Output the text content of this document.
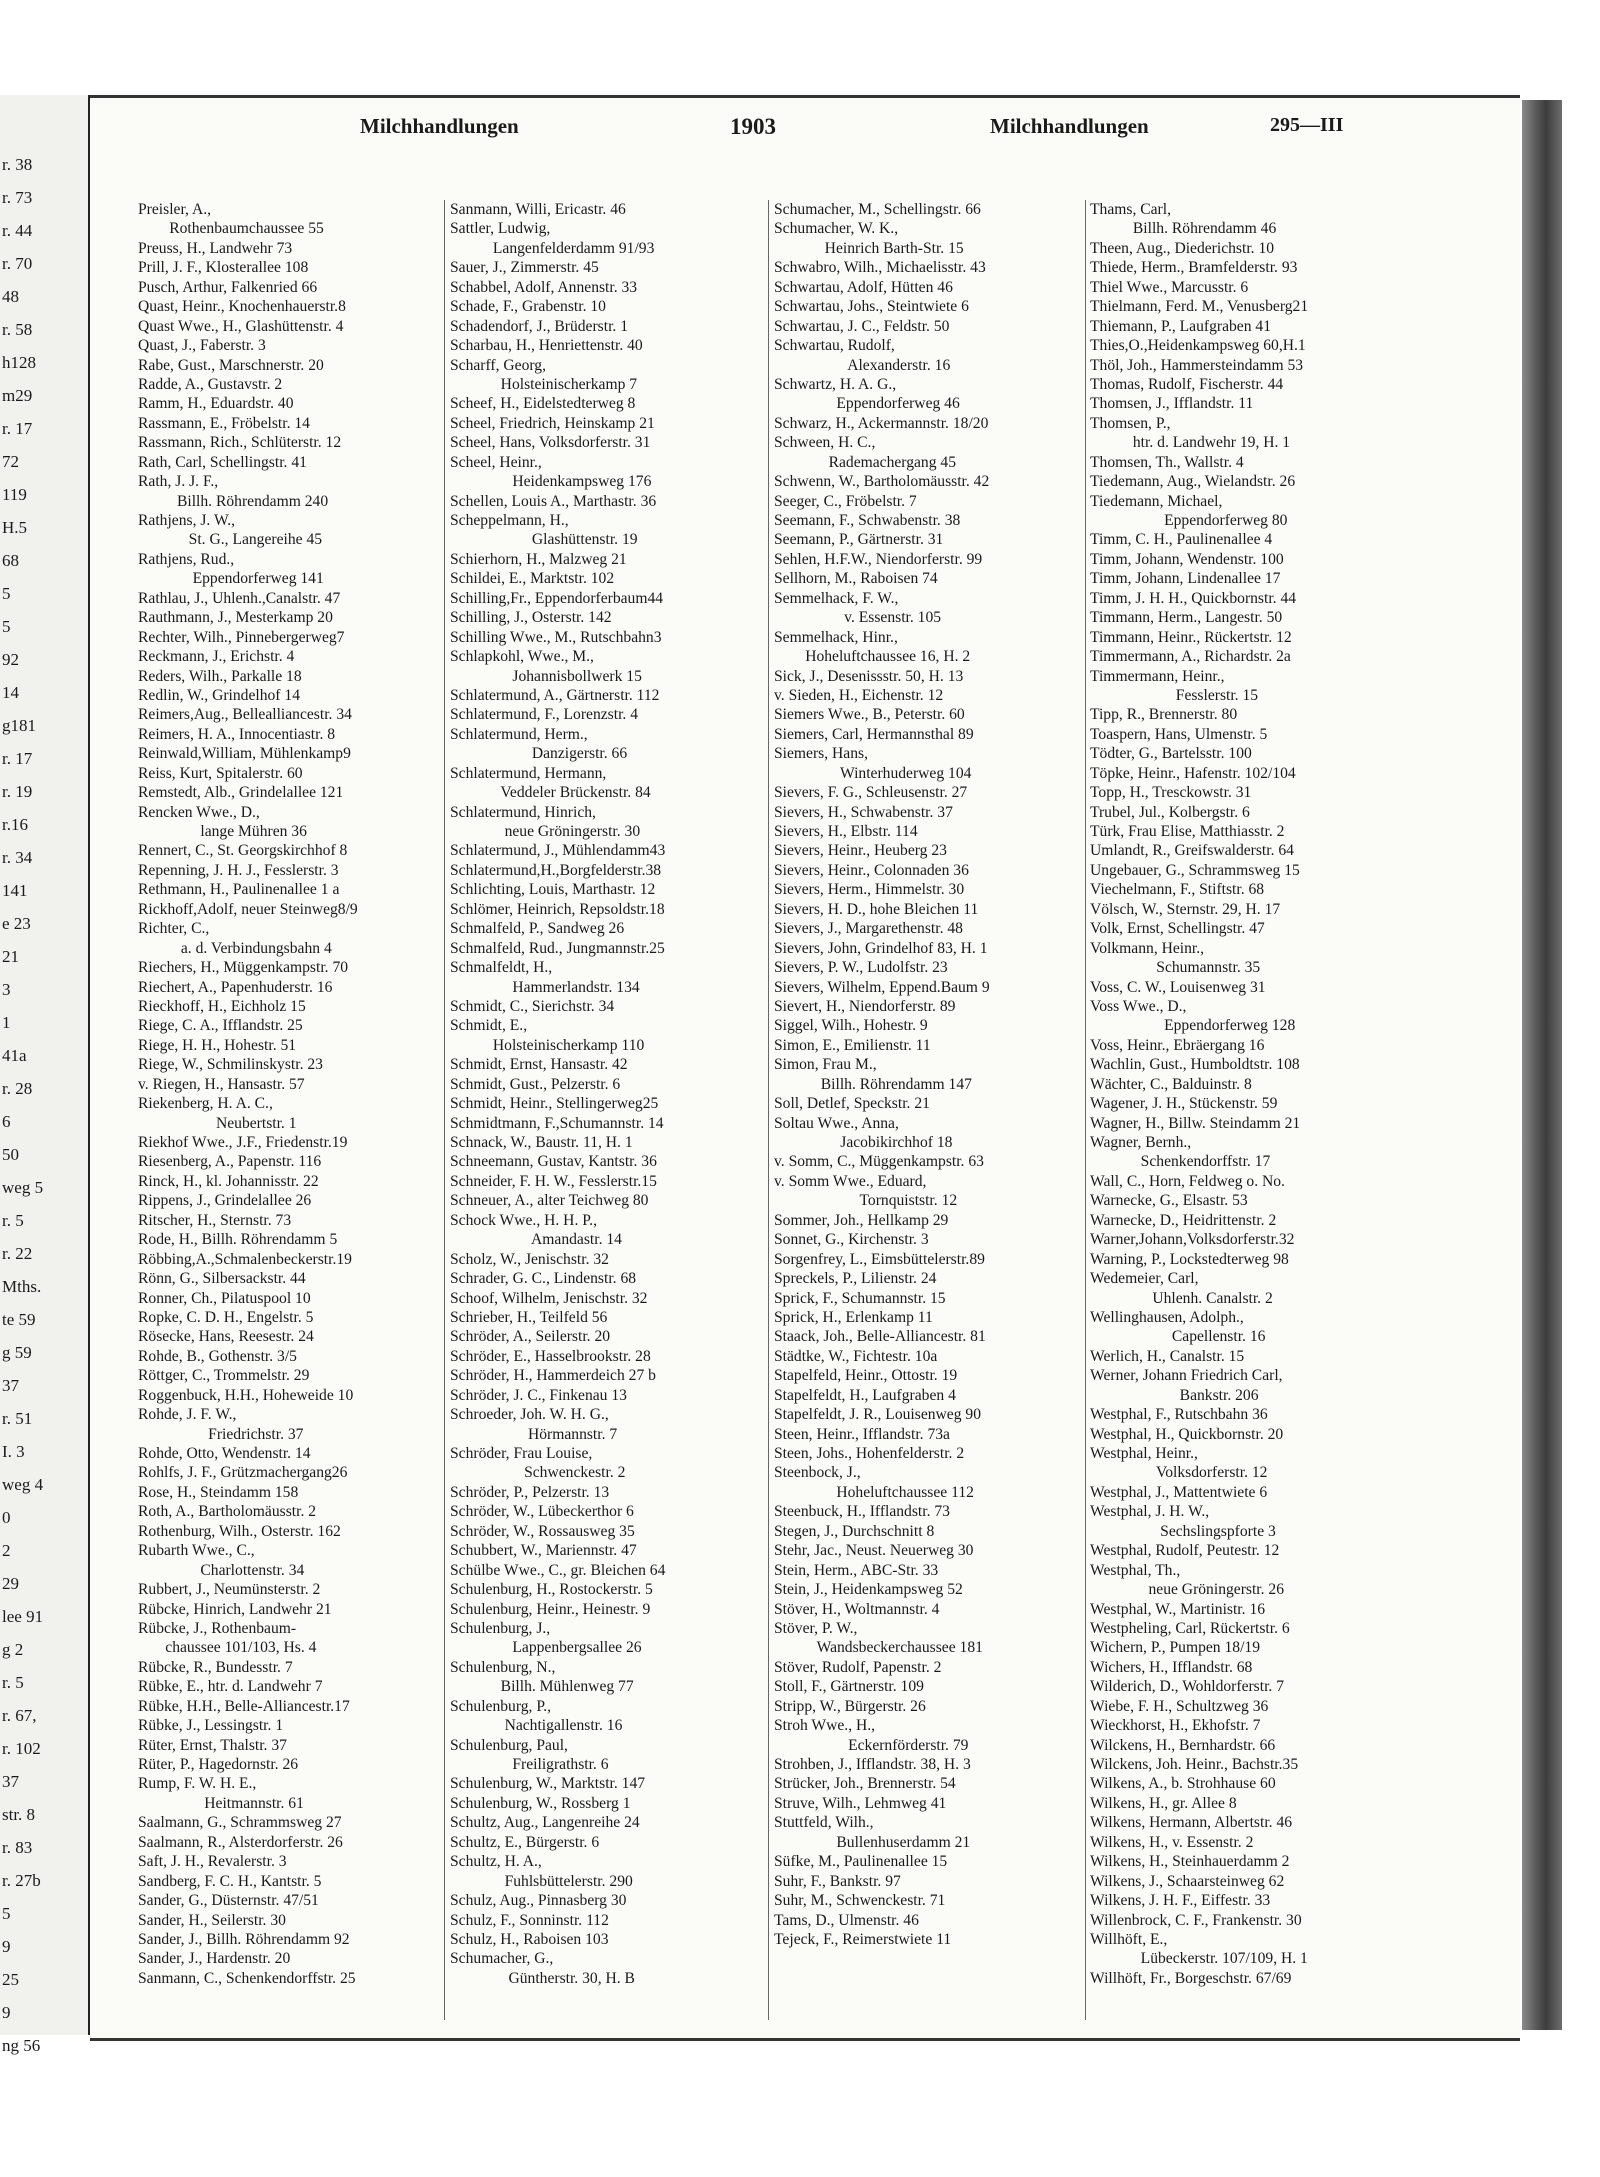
r. 38
r. 73
r. 44
r. 70
48
r. 58
h128
m29
r. 17
72
119
H.5
68
5
5
92
14
g181
r. 17
r. 19
r.16
r. 34
141
e 23
21
3
1
41a
r. 28
6
50
weg 5
r. 5
r. 22
Mths.
te 59
g 59
37
r. 51
I. 3
weg 4
0
2
29
lee 91
g 2
r. 5
r. 67,
r. 102
37
str. 8
r. 83
r. 27b
5
9
25
9
ng 56
Milchhandlungen	1903	Milchhandlungen	295—III
Preisler, A.,
Rothenbaumchaussee 55
Preuss, H., Landwehr 73
Prill, J. F., Klosterallee 108
Pusch, Arthur, Falkenried 66
Quast, Heinr., Knochenhauerstr.8
Quast Wwe., H., Glashüttenstr. 4
Quast, J., Faberstr. 3
Rabe, Gust., Marschnerstr. 20
Radde, A., Gustavstr. 2
Ramm, H., Eduardstr. 40
Rassmann, E., Fröbelstr. 14
Rassmann, Rich., Schlüterstr. 12
Rath, Carl, Schellingstr. 41
Rath, J. J. F.,
Billh. Röhrendamm 240
Rathjens, J. W.,
St. G., Langereihe 45
Rathjens, Rud.,
Eppendorferweg 141
Rathlau, J., Uhlenh.,Canalstr. 47
Rauthmann, J., Mesterkamp 20
Rechter, Wilh., Pinnebergerweg7
Reckmann, J., Erichstr. 4
Reders, Wilh., Parkalle 18
Redlin, W., Grindelhof 14
Reimers,Aug., Bellealliancestr. 34
Reimers, H. A., Innocentiastr. 8
Reinwald,William, Mühlenkamp9
Reiss, Kurt, Spitalerstr. 60
Remstedt, Alb., Grindelallee 121
Rencken Wwe., D.,
lange Mühren 36
Rennert, C., St. Georgskirchhof 8
Repenning, J. H. J., Fesslerstr. 3
Rethmann, H., Paulinenallee 1 a
Rickhoff,Adolf, neuer Steinweg8/9
Richter, C.,
a. d. Verbindungsbahn 4
Riechers, H., Müggenkampstr. 70
Riechert, A., Papenhuderstr. 16
Rieckhoff, H., Eichholz 15
Riege, C. A., Ifflandstr. 25
Riege, H. H., Hohestr. 51
Riege, W., Schmilinskystr. 23
v. Riegen, H., Hansastr. 57
Riekenberg, H. A. C.,
Neubertstr. 1
Riekhof Wwe., J.F., Friedenstr.19
Riesenberg, A., Papenstr. 116
Rinck, H., kl. Johannisstr. 22
Rippens, J., Grindelallee 26
Ritscher, H., Sternstr. 73
Rode, H., Billh. Röhrendamm 5
Röbbing,A.,Schmalenbeckerstr.19
Rönn, G., Silbersackstr. 44
Ronner, Ch., Pilatuspool 10
Ropke, C. D. H., Engelstr. 5
Rösecke, Hans, Reesestr. 24
Rohde, B., Gothenstr. 3/5
Röttger, C., Trommelstr. 29
Roggenbuck, H.H., Hoheweide 10
Rohde, J. F. W.,
Friedrichstr. 37
Rohde, Otto, Wendenstr. 14
Rohlfs, J. F., Grützmachergang26
Rose, H., Steindamm 158
Roth, A., Bartholomäusstr. 2
Rothenburg, Wilh., Osterstr. 162
Rubarth Wwe., C.,
Charlottenstr. 34
Rubbert, J., Neumünsterstr. 2
Rübcke, Hinrich, Landwehr 21
Rübcke, J., Rothenbaum-
chaussee 101/103, Hs. 4
Rübcke, R., Bundesstr. 7
Rübke, E., htr. d. Landwehr 7
Rübke, H.H., Belle-Alliancestr.17
Rübke, J., Lessingstr. 1
Rüter, Ernst, Thalstr. 37
Rüter, P., Hagedornstr. 26
Rump, F. W. H. E.,
Heitmannstr. 61
Saalmann, G., Schrammsweg 27
Saalmann, R., Alsterdorferstr. 26
Saft, J. H., Revalerstr. 3
Sandberg, F. C. H., Kantstr. 5
Sander, G., Düsternstr. 47/51
Sander, H., Seilerstr. 30
Sander, J., Billh. Röhrendamm 92
Sander, J., Hardenstr. 20
Sanmann, C., Schenkendorffstr. 25
Sanmann, Willi, Ericastr. 46
Sattler, Ludwig,
Langenfelderdamm 91/93
Sauer, J., Zimmerstr. 45
Schabbel, Adolf, Annenstr. 33
Schade, F., Grabenstr. 10
Schadendorf, J., Brüderstr. 1
Scharbau, H., Henriettenstr. 40
Scharff, Georg,
Holsteinischerkamp 7
Scheef, H., Eidelstedterweg 8
Scheel, Friedrich, Heinskamp 21
Scheel, Hans, Volksdorferstr. 31
Scheel, Heinr.,
Heidenkampsweg 176
Schellen, Louis A., Marthastr. 36
Scheppelmann, H.,
Glashüttenstr. 19
Schierhorn, H., Malzweg 21
Schildei, E., Marktstr. 102
Schilling,Fr., Eppendorferbaum44
Schilling, J., Osterstr. 142
Schilling Wwe., M., Rutschbahn3
Schlapkohl, Wwe., M.,
Johannisbollwerk 15
Schlatermund, A., Gärtnerstr. 112
Schlatermund, F., Lorenzstr. 4
Schlatermund, Herm.,
Danzigerstr. 66
Schlatermund, Hermann,
Veddeler Brückenstr. 84
Schlatermund, Hinrich,
neue Gröningerstr. 30
Schlatermund, J., Mühlendamm43
Schlatermund,H.,Borgfelderstr.38
Schlichting, Louis, Marthastr. 12
Schlömer, Heinrich, Repsoldstr.18
Schmalfeld, P., Sandweg 26
Schmalfeld, Rud., Jungmannstr.25
Schmalfeldt, H.,
Hammerlandstr. 134
Schmidt, C., Sierichstr. 34
Schmidt, E.,
Holsteinischerkamp 110
Schmidt, Ernst, Hansastr. 42
Schmidt, Gust., Pelzerstr. 6
Schmidt, Heinr., Stellingerweg25
Schmidtmann, F.,Schumannstr. 14
Schnack, W., Baustr. 11, H. 1
Schneemann, Gustav, Kantstr. 36
Schneider, F. H. W., Fesslerstr.15
Schneuer, A., alter Teichweg 80
Schock Wwe., H. H. P.,
Amandastr. 14
Scholz, W., Jenischstr. 32
Schrader, G. C., Lindenstr. 68
Schoof, Wilhelm, Jenischstr. 32
Schrieber, H., Teilfeld 56
Schröder, A., Seilerstr. 20
Schröder, E., Hasselbrookstr. 28
Schröder, H., Hammerdeich 27 b
Schröder, J. C., Finkenau 13
Schroeder, Joh. W. H. G.,
Hörmannstr. 7
Schröder, Frau Louise,
Schwenckestr. 2
Schröder, P., Pelzerstr. 13
Schröder, W., Lübeckerthor 6
Schröder, W., Rossausweg 35
Schubbert, W., Mariennstr. 47
Schülbe Wwe., C., gr. Bleichen 64
Schulenburg, H., Rostockerstr. 5
Schulenburg, Heinr., Heinestr. 9
Schulenburg, J.,
Lappenbergsallee 26
Schulenburg, N.,
Billh. Mühlenweg 77
Schulenburg, P.,
Nachtigallenstr. 16
Schulenburg, Paul,
Freiligrathstr. 6
Schulenburg, W., Marktstr. 147
Schulenburg, W., Rossberg 1
Schultz, Aug., Langenreihe 24
Schultz, E., Bürgerstr. 6
Schultz, H. A.,
Fuhlsbüttelerstr. 290
Schulz, Aug., Pinnasberg 30
Schulz, F., Sonninstr. 112
Schulz, H., Raboisen 103
Schumacher, G.,
Güntherstr. 30, H. B
Schumacher, M., Schellingstr. 66
Schumacher, W. K.,
Heinrich Barth-Str. 15
Schwabro, Wilh., Michaelisstr. 43
Schwartau, Adolf, Hütten 46
Schwartau, Johs., Steintwiete 6
Schwartau, J. C., Feldstr. 50
Schwartau, Rudolf,
Alexanderstr. 16
Schwartz, H. A. G.,
Eppendorferweg 46
Schwarz, H., Ackermannstr. 18/20
Schween, H. C.,
Rademachergang 45
Schwenn, W., Bartholomäusstr. 42
Seeger, C., Fröbelstr. 7
Seemann, F., Schwabenstr. 38
Seemann, P., Gärtnerstr. 31
Sehlen, H.F.W., Niendorferstr. 99
Sellhorn, M., Raboisen 74
Semmelhack, F. W.,
v. Essenstr. 105
Semmelhack, Hinr.,
Hoheluftchaussee 16, H. 2
Sick, J., Desenissstr. 50, H. 13
v. Sieden, H., Eichenstr. 12
Siemers Wwe., B., Peterstr. 60
Siemers, Carl, Hermannsthal 89
Siemers, Hans,
Winterhuderweg 104
Sievers, F. G., Schleusenstr. 27
Sievers, H., Schwabenstr. 37
Sievers, H., Elbstr. 114
Sievers, Heinr., Heuberg 23
Sievers, Heinr., Colonnaden 36
Sievers, Herm., Himmelstr. 30
Sievers, H. D., hohe Bleichen 11
Sievers, J., Margarethenstr. 48
Sievers, John, Grindelhof 83, H. 1
Sievers, P. W., Ludolfstr. 23
Sievers, Wilhelm, Eppend.Baum 9
Sievert, H., Niendorferstr. 89
Siggel, Wilh., Hohestr. 9
Simon, E., Emilienstr. 11
Simon, Frau M.,
Billh. Röhrendamm 147
Soll, Detlef, Speckstr. 21
Soltau Wwe., Anna,
Jacobikirchhof 18
v. Somm, C., Müggenkampstr. 63
v. Somm Wwe., Eduard,
Tornquiststr. 12
Sommer, Joh., Hellkamp 29
Sonnet, G., Kirchenstr. 3
Sorgenfrey, L., Eimsbüttelerstr.89
Spreckels, P., Lilienstr. 24
Sprick, F., Schumannstr. 15
Sprick, H., Erlenkamp 11
Staack, Joh., Belle-Alliancestr. 81
Städtke, W., Fichtestr. 10a
Stapelfeld, Heinr., Ottostr. 19
Stapelfeldt, H., Laufgraben 4
Stapelfeldt, J. R., Louisenweg 90
Steen, Heinr., Ifflandstr. 73a
Steen, Johs., Hohenfelderstr. 2
Steenbock, J.,
Hoheluftchaussee 112
Steenbuck, H., Ifflandstr. 73
Stegen, J., Durchschnitt 8
Stehr, Jac., Neust. Neuerweg 30
Stein, Herm., ABC-Str. 33
Stein, J., Heidenkampsweg 52
Stöver, H., Woltmannstr. 4
Stöver, P. W.,
Wandsbeckerchaussee 181
Stöver, Rudolf, Papenstr. 2
Stoll, F., Gärtnerstr. 109
Stripp, W., Bürgerstr. 26
Stroh Wwe., H.,
Eckernförderstr. 79
Strohben, J., Ifflandstr. 38, H. 3
Strücker, Joh., Brennerstr. 54
Struve, Wilh., Lehmweg 41
Stuttfeld, Wilh.,
Bullenhuserdamm 21
Süfke, M., Paulinenallee 15
Suhr, F., Bankstr. 97
Suhr, M., Schwenckestr. 71
Tams, D., Ulmenstr. 46
Tejeck, F., Reimerstwiete 11
Thams, Carl,
Billh. Röhrendamm 46
Theen, Aug., Diederichstr. 10
Thiede, Herm., Bramfelderstr. 93
Thiel Wwe., Marcusstr. 6
Thielmann, Ferd. M., Venusberg21
Thiemann, P., Laufgraben 41
Thies,O.,Heidenkampsweg 60,H.1
Thöl, Joh., Hammersteindamm 53
Thomas, Rudolf, Fischerstr. 44
Thomsen, J., Ifflandstr. 11
Thomsen, P.,
htr. d. Landwehr 19, H. 1
Thomsen, Th., Wallstr. 4
Tiedemann, Aug., Wielandstr. 26
Tiedemann, Michael,
Eppendorferweg 80
Timm, C. H., Paulinenallee 4
Timm, Johann, Wendenstr. 100
Timm, Johann, Lindenallee 17
Timm, J. H. H., Quickbornstr. 44
Timmann, Herm., Langestr. 50
Timmann, Heinr., Rückertstr. 12
Timmermann, A., Richardstr. 2a
Timmermann, Heinr.,
Fesslerstr. 15
Tipp, R., Brennerstr. 80
Toaspern, Hans, Ulmenstr. 5
Tödter, G., Bartelsstr. 100
Töpke, Heinr., Hafenstr. 102/104
Topp, H., Tresckowstr. 31
Trubel, Jul., Kolbergstr. 6
Türk, Frau Elise, Matthiasstr. 2
Umlandt, R., Greifswalderstr. 64
Ungebauer, G., Schrammsweg 15
Viechelmann, F., Stiftstr. 68
Völsch, W., Sternstr. 29, H. 17
Volk, Ernst, Schellingstr. 47
Volkmann, Heinr.,
Schumannstr. 35
Voss, C. W., Louisenweg 31
Voss Wwe., D.,
Eppendorferweg 128
Voss, Heinr., Ebräergang 16
Wachlin, Gust., Humboldtstr. 108
Wächter, C., Balduinstr. 8
Wagener, J. H., Stückenstr. 59
Wagner, H., Billw. Steindamm 21
Wagner, Bernh.,
Schenkendorffstr. 17
Wall, C., Horn, Feldweg o. No.
Warnecke, G., Elsastr. 53
Warnecke, D., Heidrittenstr. 2
Warner,Johann,Volksdorferstr.32
Warning, P., Lockstedterweg 98
Wedemeier, Carl,
Uhlenh. Canalstr. 2
Wellinghausen, Adolph.,
Capellenstr. 16
Werlich, H., Canalstr. 15
Werner, Johann Friedrich Carl,
Bankstr. 206
Westphal, F., Rutschbahn 36
Westphal, H., Quickbornstr. 20
Westphal, Heinr.,
Volksdorferstr. 12
Westphal, J., Mattentwiete 6
Westphal, J. H. W.,
Sechslingspforte 3
Westphal, Rudolf, Peutestr. 12
Westphal, Th.,
neue Gröningerstr. 26
Westphal, W., Martinistr. 16
Westpheling, Carl, Rückertstr. 6
Wichern, P., Pumpen 18/19
Wichers, H., Ifflandstr. 68
Wilderich, D., Wohldorferstr. 7
Wiebe, F. H., Schultzweg 36
Wieckhorst, H., Ekhofstr. 7
Wilckens, H., Bernhardstr. 66
Wilckens, Joh. Heinr., Bachstr.35
Wilkens, A., b. Strohhause 60
Wilkens, H., gr. Allee 8
Wilkens, Hermann, Albertstr. 46
Wilkens, H., v. Essenstr. 2
Wilkens, H., Steinhauerdamm 2
Wilkens, J., Schaarsteinweg 62
Wilkens, J. H. F., Eiffestr. 33
Willenbrock, C. F., Frankenstr. 30
Willhöft, E.,
Lübeckerstr. 107/109, H. 1
Willhöft, Fr., Borgeschstr. 67/69
